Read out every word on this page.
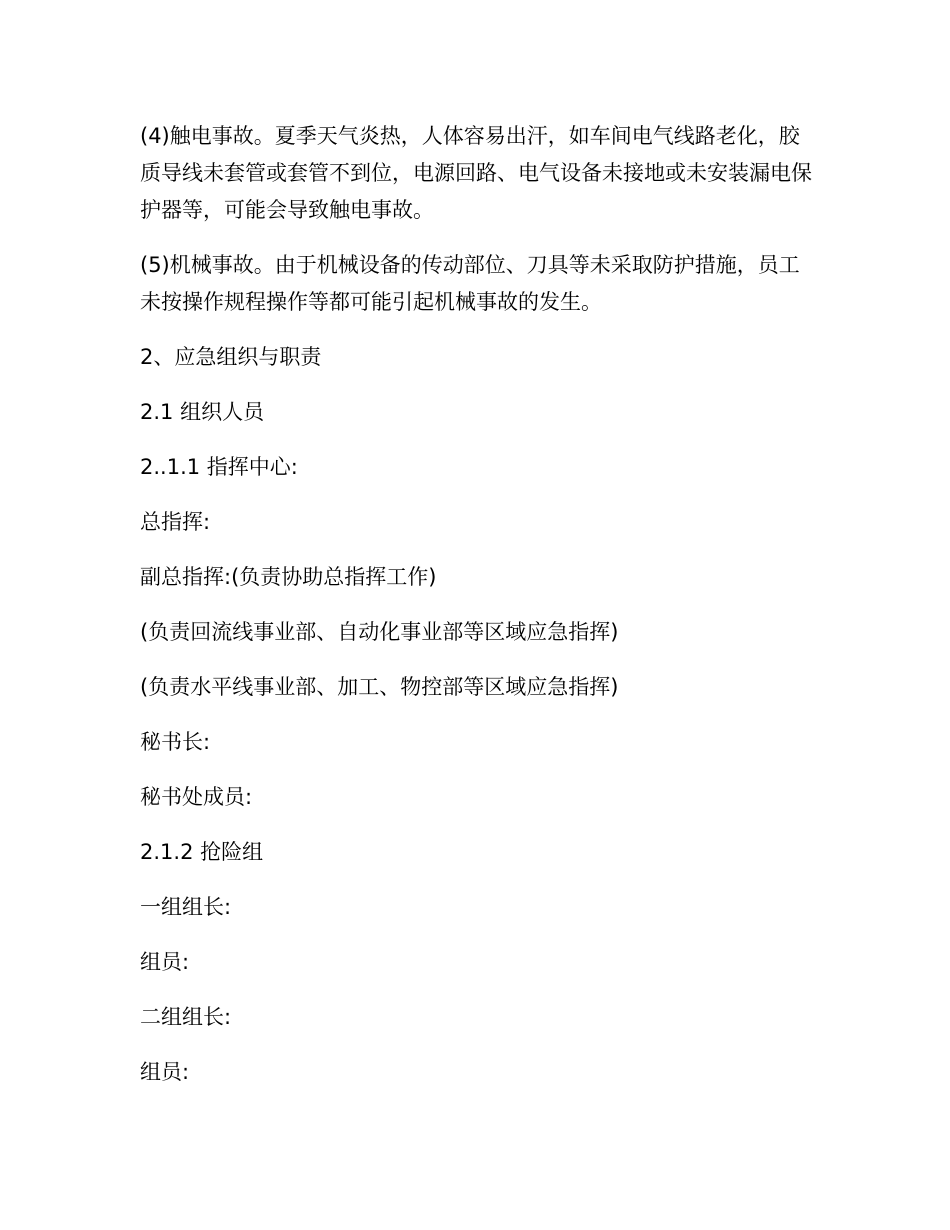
(4)触电事故。夏季天气炎热，人体容易出汗，如车间电气线路老化，胶质导线未套管或套管不到位，电源回路、电气设备未接地或未安装漏电保护器等，可能会导致触电事故。

(5)机械事故。由于机械设备的传动部位、刀具等未采取防护措施，员工未按操作规程操作等都可能引起机械事故的发生。

2、应急组织与职责

2.1 组织人员

2..1.1 指挥中心:

总指挥:

副总指挥:(负责协助总指挥工作)

(负责回流线事业部、自动化事业部等区域应急指挥)

(负责水平线事业部、加工、物控部等区域应急指挥)

秘书长:

秘书处成员:

2.1.2 抢险组

一组组长:

组员:

二组组长:

组员:
